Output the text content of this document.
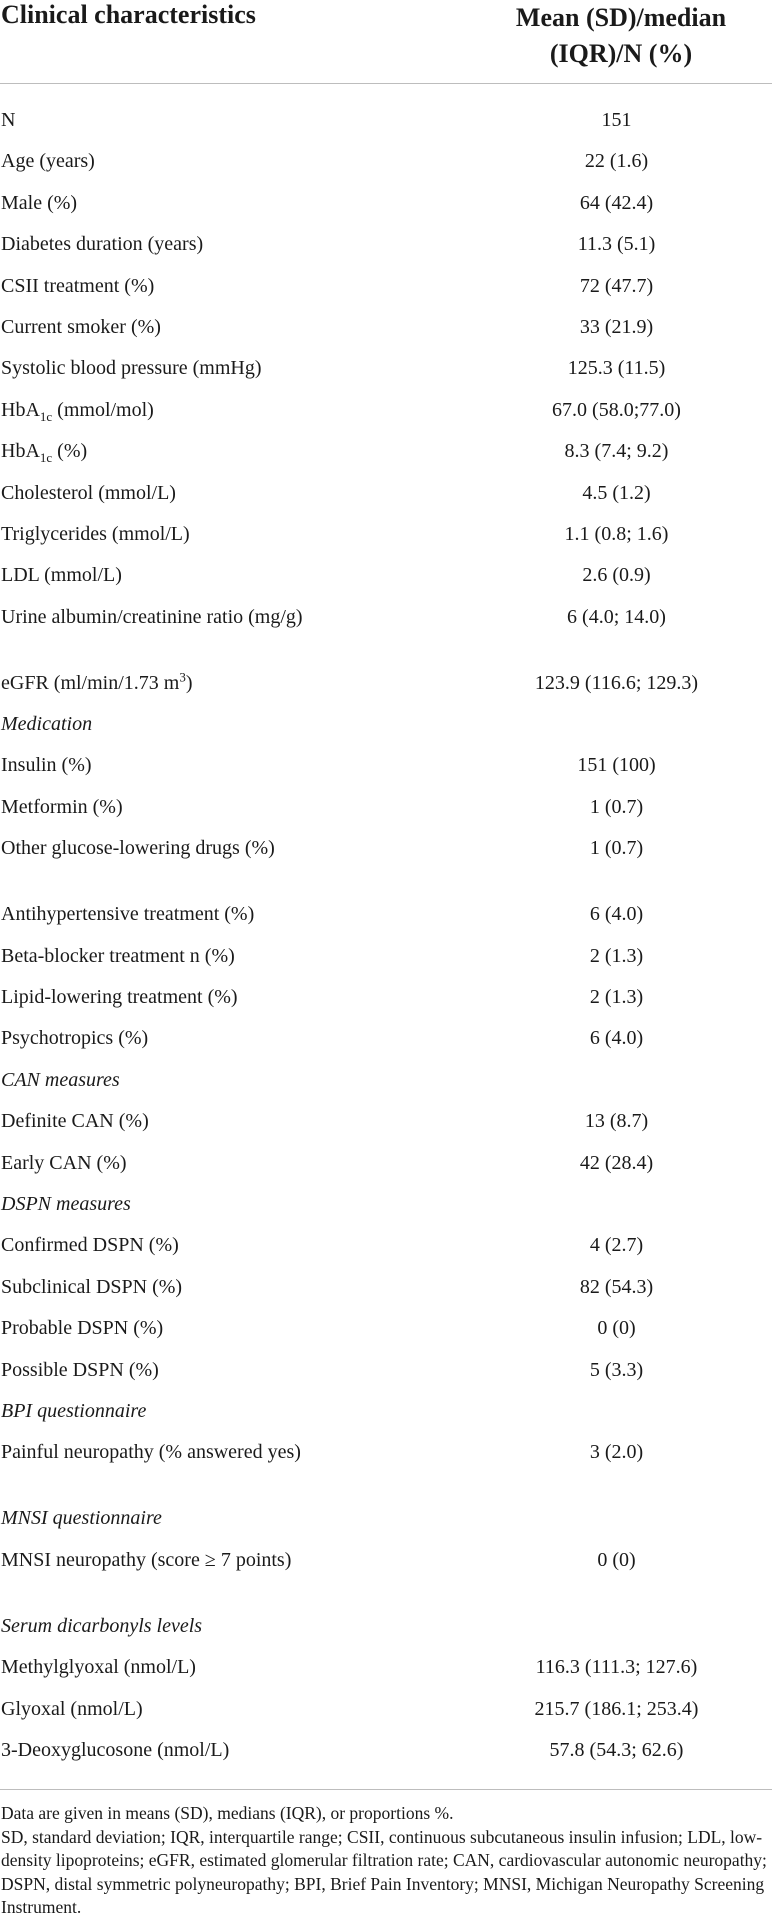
Clinical characteristics	Mean (SD)/median (IQR)/N (%)
N	151
Age (years)	22 (1.6)
Male (%)	64 (42.4)
Diabetes duration (years)	11.3 (5.1)
CSII treatment (%)	72 (47.7)
Current smoker (%)	33 (21.9)
Systolic blood pressure (mmHg)	125.3 (11.5)
HbA$_{1c}$ (mmol/mol)	67.0 (58.0;77.0)
HbA$_{1c}$ (%)	8.3 (7.4; 9.2)
Cholesterol (mmol/L)	4.5 (1.2)
Triglycerides (mmol/L)	1.1 (0.8; 1.6)
LDL (mmol/L)	2.6 (0.9)
Urine albumin/creatinine ratio (mg/g)	6 (4.0; 14.0)
eGFR (ml/min/1.73 $m^3$)	123.9 (116.6; 129.3)
Medication
Insulin (%)	151 (100)
Metformin (%)	1 (0.7)
Other glucose-lowering drugs (%)	1 (0.7)
Antihypertensive treatment (%)	6 (4.0)
Beta-blocker treatment n (%)	2 (1.3)
Lipid-lowering treatment (%)	2 (1.3)
Psychotropics (%)	6 (4.0)
CAN measures
Definite CAN (%)	13 (8.7)
Early CAN (%)	42 (28.4)
DSPN measures
Confirmed DSPN (%)	4 (2.7)
Subclinical DSPN (%)	82 (54.3)
Probable DSPN (%)	0 (0)
Possible DSPN (%)	5 (3.3)
BPI questionnaire
Painful neuropathy (% answered yes)	3 (2.0)
MNSI questionnaire
MNSI neuropathy (score ≥ 7 points)	0 (0)
Serum dicarbonyls levels
Methylglyoxal (nmol/L)	116.3 (111.3; 127.6)
Glyoxal (nmol/L)	215.7 (186.1; 253.4)
3-Deoxyglucosone (nmol/L)	57.8 (54.3; 62.6)
Data are given in means (SD), medians (IQR), or proportions %.
SD, standard deviation; IQR, interquartile range; CSII, continuous subcutaneous insulin infusion; LDL, low-density lipoproteins; eGFR, estimated glomerular filtration rate; CAN, cardiovascular autonomic neuropathy; DSPN, distal symmetric polyneuropathy; BPI, Brief Pain Inventory; MNSI, Michigan Neuropathy Screening Instrument.
